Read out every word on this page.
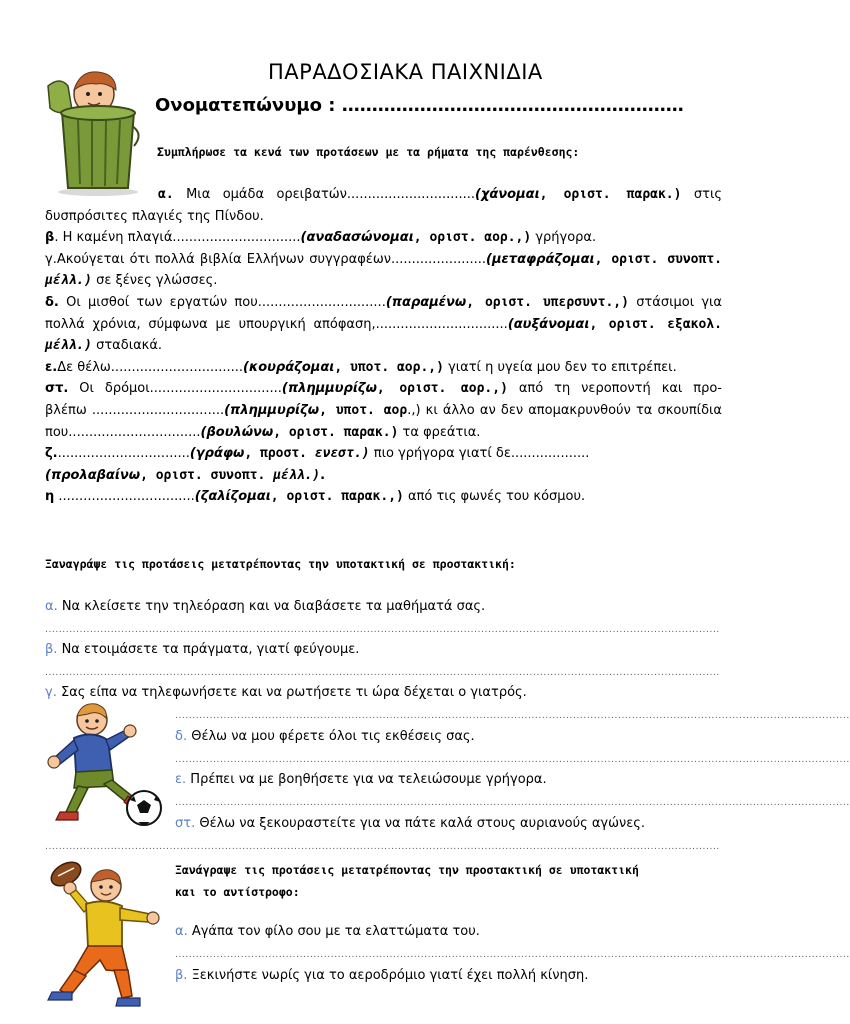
ΠΑΡΑΔΟΣΙΑΚΑ ΠΑΙΧΝΙΔΙΑ
Ονοματεπώνυμο : …………………………………………………
Συμπλήρωσε τα κενά των προτάσεων με τα ρήματα της παρένθεσης:
α. Μια ομάδα ορειβατών...............................(χάνομαι, οριστ. παρακ.) στις
δυσπρόσιτες πλαγιές της Πίνδου.
β. Η καμένη πλαγιά...............................(αναδασώνομαι, οριστ. αορ.,) γρήγορα.
γ.Ακούγεται ότι πολλά βιβλία Ελλήνων συγγραφέων.......................(μεταφράζομαι, οριστ. συνοπτ.
μέλλ.) σε ξένες γλώσσες.
δ. Οι μισθοί των εργατών που...............................(παραμένω, οριστ. υπερσυντ.,) στάσιμοι για
πολλά χρόνια, σύμφωνα με υπουργική απόφαση,................................(αυξάνομαι, οριστ. εξακολ.
μέλλ.) σταδιακά.
ε.Δε θέλω................................(κουράζομαι, υποτ. αορ.,) γιατί η υγεία μου δεν το επιτρέπει.
στ. Οι δρόμοι................................(πλημμυρίζω, οριστ. αορ.,) από τη νεροποντή και προ-
βλέπω ................................(πλημμυρίζω, υποτ. αορ.,) κι άλλο αν δεν απομακρυνθούν τα σκουπίδια
που................................(βουλώνω, οριστ. παρακ.) τα φρεάτια.
ζ.................................(γράφω, προστ. ενεστ.) πιο γρήγορα γιατί δε...................
(προλαβαίνω, οριστ. συνοπτ. μέλλ.).
η .................................(ζαλίζομαι, οριστ. παρακ.,) από τις φωνές του κόσμου.
Ξαναγράψε τις προτάσεις μετατρέποντας την υποτακτική σε προστακτική:
α. Να κλείσετε την τηλεόραση και να διαβάσετε τα μαθήματά σας.
...................................................................................................................................................................................................
β. Να ετοιμάσετε τα πράγματα, γιατί φεύγουμε.
...................................................................................................................................................................................................
γ. Σας είπα να τηλεφωνήσετε και να ρωτήσετε τι ώρα δέχεται ο γιατρός.
...................................................................................................................................................................................................
δ. Θέλω να μου φέρετε όλοι τις εκθέσεις σας.
...................................................................................................................................................................................................
ε. Πρέπει να με βοηθήσετε για να τελειώσουμε γρήγορα.
...................................................................................................................................................................................................
στ. Θέλω να ξεκουραστείτε για να πάτε καλά στους αυριανούς αγώνες.
...................................................................................................................................................................................................
Ξανάγραψε τις προτάσεις μετατρέποντας την προστακτική σε υποτακτική
και το αντίστροφο:
α. Αγάπα τον φίλο σου με τα ελαττώματα του.
...................................................................................................................................................................................................
β. Ξεκινήστε νωρίς για το αεροδρόμιο γιατί έχει πολλή κίνηση.
